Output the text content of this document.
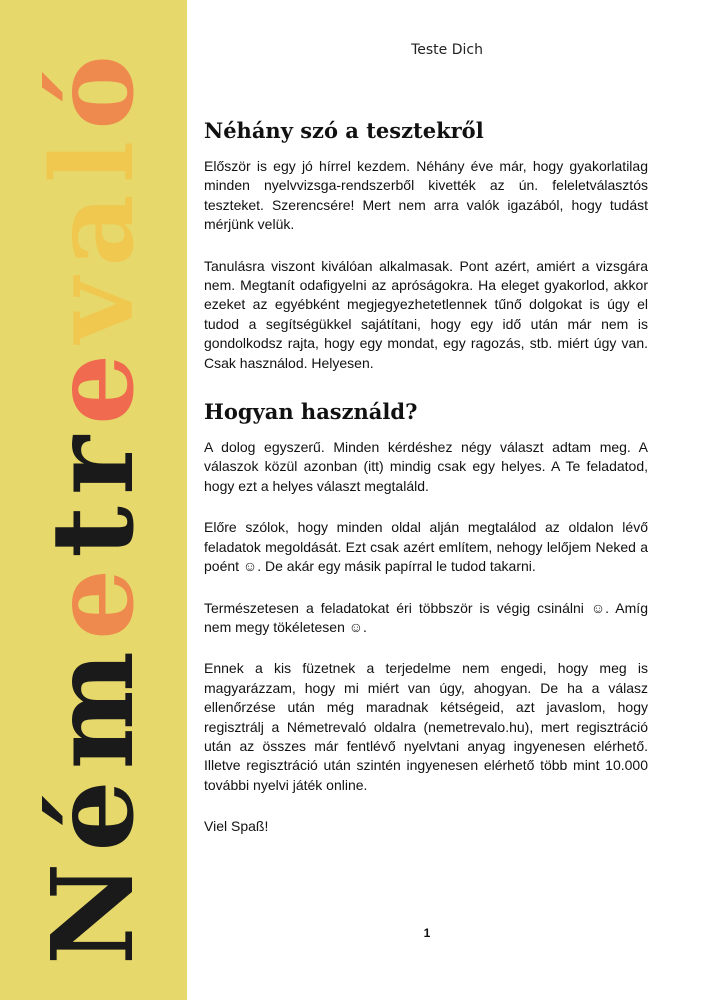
Németrevaló
Teste Dich
Néhány szó a tesztekről

Először is egy jó hírrel kezdem. Néhány éve már, hogy gyakorlatilag minden nyelvvizsga-rendszerből kivették az ún. feleletválasztós teszteket. Szerencsére! Mert nem arra valók igazából, hogy tudást mérjünk velük.

Tanulásra viszont kiválóan alkalmasak. Pont azért, amiért a vizsgára nem. Megtanít odafigyelni az apróságokra. Ha eleget gyakorlod, akkor ezeket az egyébként megjegyezhetetlennek tűnő dolgokat is úgy el tudod a segítségükkel sajátítani, hogy egy idő után már nem is gondolkodsz rajta, hogy egy mondat, egy ragozás, stb. miért úgy van. Csak használod. Helyesen.

Hogyan használd?

A dolog egyszerű. Minden kérdéshez négy választ adtam meg. A válaszok közül azonban (itt) mindig csak egy helyes. A Te feladatod, hogy ezt a helyes választ megtaláld.

Előre szólok, hogy minden oldal alján megtalálod az oldalon lévő feladatok megoldását. Ezt csak azért említem, nehogy lelőjem Neked a poént ☺. De akár egy másik papírral le tudod takarni.

Természetesen a feladatokat éri többször is végig csinálni ☺. Amíg nem megy tökéletesen ☺.

Ennek a kis füzetnek a terjedelme nem engedi, hogy meg is magyarázzam, hogy mi miért van úgy, ahogyan. De ha a válasz ellenőrzése után még maradnak kétségeid, azt javaslom, hogy regisztrálj a Németrevaló oldalra (nemetrevalo.hu), mert regisztráció után az összes már fentlévő nyelvtani anyag ingyenesen elérhető. Illetve regisztráció után szintén ingyenesen elérhető több mint 10.000 további nyelvi játék online.

Viel Spaß!

1
